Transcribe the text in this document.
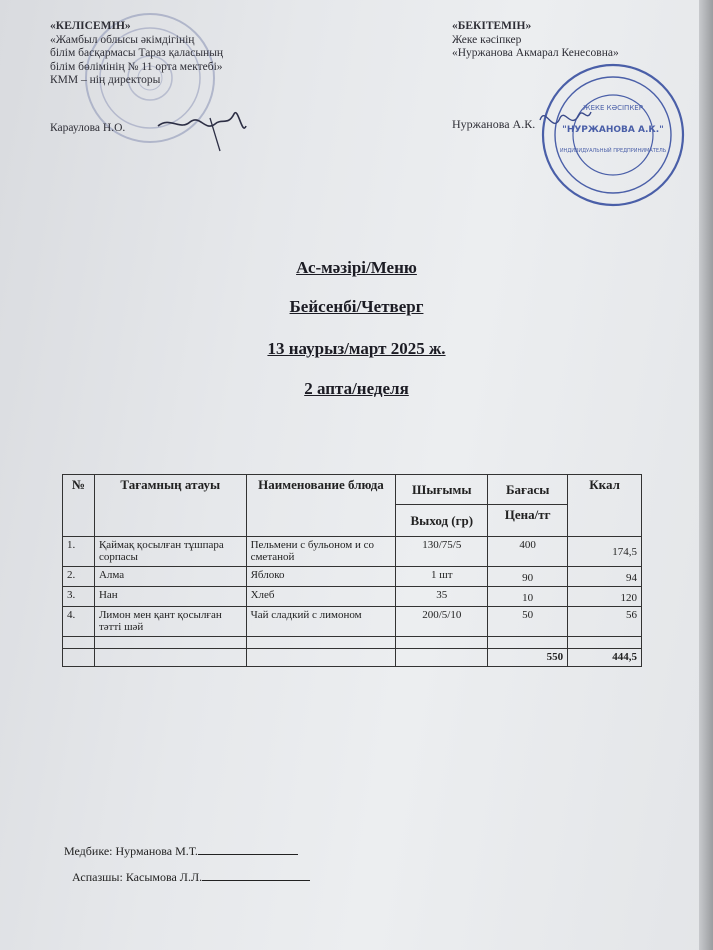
ЖЕКЕ КӘСІПКЕР
"НУРЖАНОВА А.К."
ИНДИВИДУАЛЬНЫЙ ПРЕДПРИНИМАТЕЛЬ
«КЕЛІСЕМІН»
«Жамбыл облысы әкімдігінің
білім басқармасы Тараз қаласының
білім бөлімінің № 11 орта мектебі»
КММ – нің директоры
Караулова Н.О.
«БЕКІТЕМІН»
Жеке кәсіпкер
«Нуржанова Акмарал Кенесовна»
Нуржанова А.К.
Ас-мәзірі/Меню
Бейсенбі/Четверг
13 наурыз/март 2025 ж.
2 апта/неделя
№	Тағамның атауы	Наименование блюда	Шығымы	Бағасы	Ккал
			Выход (гр)	Цена/тг	
1.	Қаймақ қосылған тұшпара сорпасы	Пельмени с бульоном и со сметаной	130/75/5	400	174,5
2.	Алма	Яблоко	1 шт	90	94
3.	Нан	Хлеб	35	10	120
4.	Лимон мен қант қосылған тәтті шәй	Чай сладкий с лимоном	200/5/10	50	56

				550	444,5
Медбике: Нурманова М.Т.
Аспазшы: Касымова Л.Л.
